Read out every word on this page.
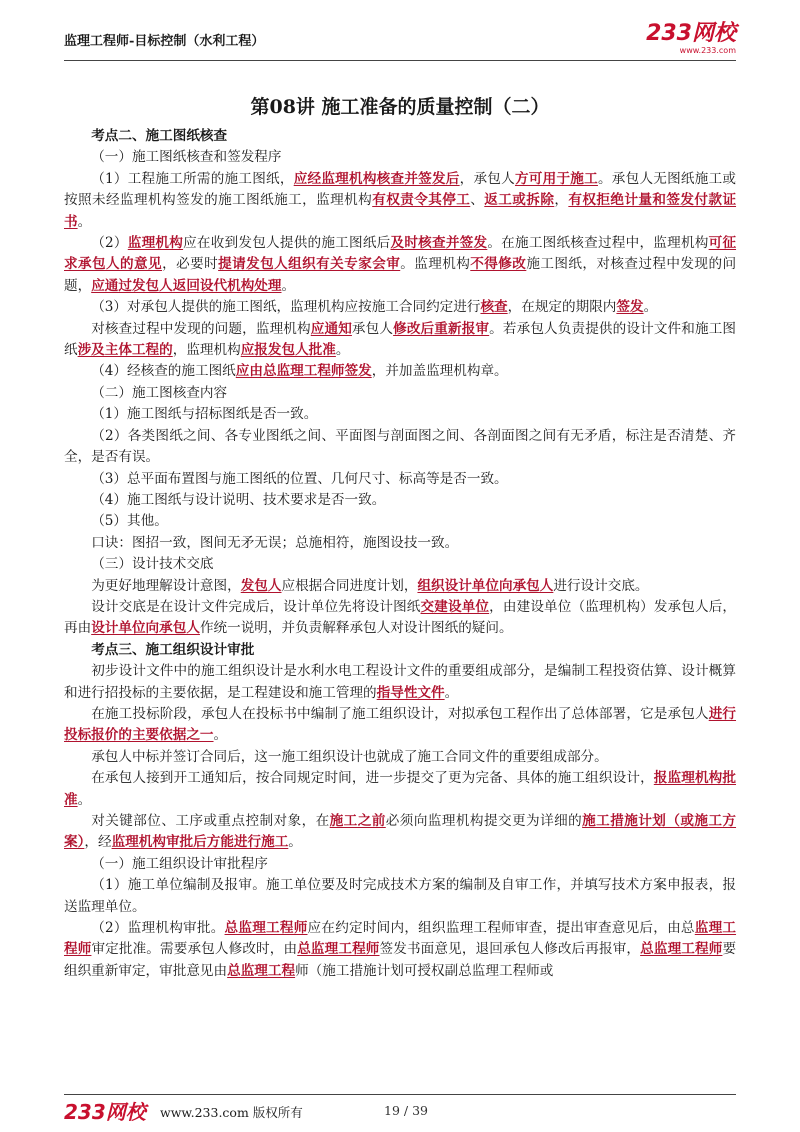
监理工程师-目标控制（水利工程）	233网校
www.233.com
第08讲 施工准备的质量控制（二）

考点二、施工图纸核查

（一）施工图纸核查和签发程序

（1）工程施工所需的施工图纸，应经监理机构核查并签发后，承包人方可用于施工。承包人无图纸施工或按照未经监理机构签发的施工图纸施工，监理机构有权责令其停工、返工或拆除，有权拒绝计量和签发付款证书。

（2）监理机构应在收到发包人提供的施工图纸后及时核查并签发。在施工图纸核查过程中，监理机构可征求承包人的意见，必要时提请发包人组织有关专家会审。监理机构不得修改施工图纸，对核查过程中发现的问题，应通过发包人返回设代机构处理。

（3）对承包人提供的施工图纸，监理机构应按施工合同约定进行核查，在规定的期限内签发。

对核查过程中发现的问题，监理机构应通知承包人修改后重新报审。若承包人负责提供的设计文件和施工图纸涉及主体工程的，监理机构应报发包人批准。

（4）经核查的施工图纸应由总监理工程师签发，并加盖监理机构章。

（二）施工图核查内容

（1）施工图纸与招标图纸是否一致。

（2）各类图纸之间、各专业图纸之间、平面图与剖面图之间、各剖面图之间有无矛盾，标注是否清楚、齐全，是否有误。

（3）总平面布置图与施工图纸的位置、几何尺寸、标高等是否一致。

（4）施工图纸与设计说明、技术要求是否一致。

（5）其他。

口诀：图招一致，图间无矛无误；总施相符，施图设技一致。

（三）设计技术交底

为更好地理解设计意图，发包人应根据合同进度计划，组织设计单位向承包人进行设计交底。

设计交底是在设计文件完成后，设计单位先将设计图纸交建设单位，由建设单位（监理机构）发承包人后，再由设计单位向承包人作统一说明，并负责解释承包人对设计图纸的疑问。

考点三、施工组织设计审批

初步设计文件中的施工组织设计是水利水电工程设计文件的重要组成部分，是编制工程投资估算、设计概算和进行招投标的主要依据，是工程建设和施工管理的指导性文件。

在施工投标阶段，承包人在投标书中编制了施工组织设计，对拟承包工程作出了总体部署，它是承包人进行投标报价的主要依据之一。

承包人中标并签订合同后，这一施工组织设计也就成了施工合同文件的重要组成部分。

在承包人接到开工通知后，按合同规定时间，进一步提交了更为完备、具体的施工组织设计，报监理机构批准。

对关键部位、工序或重点控制对象，在施工之前必须向监理机构提交更为详细的施工措施计划（或施工方案），经监理机构审批后方能进行施工。

（一）施工组织设计审批程序

（1）施工单位编制及报审。施工单位要及时完成技术方案的编制及自审工作，并填写技术方案申报表，报送监理单位。

（2）监理机构审批。总监理工程师应在约定时间内，组织监理工程师审查，提出审查意见后，由总监理工程师审定批准。需要承包人修改时，由总监理工程师签发书面意见，退回承包人修改后再报审，总监理工程师要组织重新审定，审批意见由总监理工程师（施工措施计划可授权副总监理工程师或

233网校 www.233.com 版权所有	19 / 39
